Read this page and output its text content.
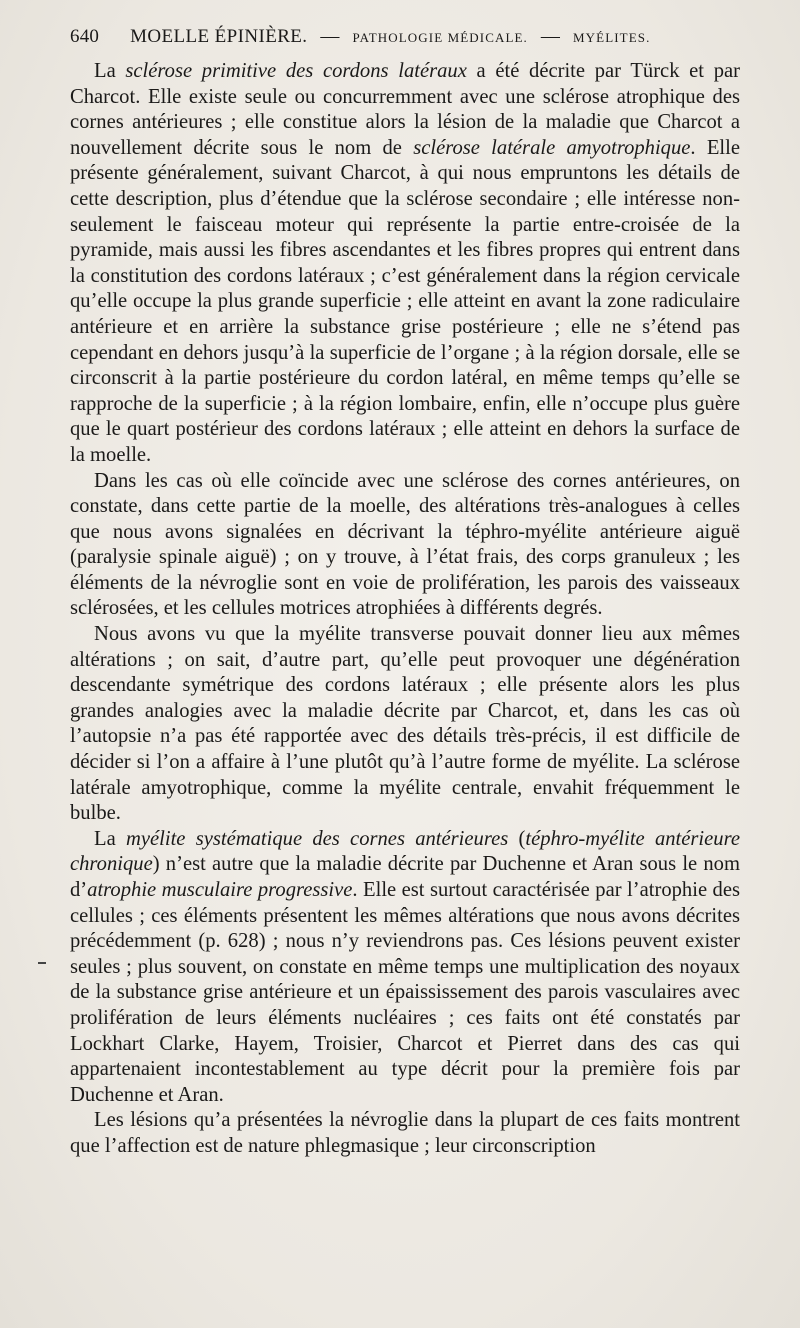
640 MOELLE ÉPINIÈRE. — PATHOLOGIE MÉDICALE. — MYÉLITES.

La sclérose primitive des cordons latéraux a été décrite par Türck et par Charcot. Elle existe seule ou concurremment avec une sclérose atrophique des cornes antérieures ; elle constitue alors la lésion de la maladie que Charcot a nouvellement décrite sous le nom de sclérose latérale amyotrophique. Elle présente généralement, suivant Charcot, à qui nous empruntons les détails de cette description, plus d’étendue que la sclérose secondaire ; elle intéresse non-seulement le faisceau moteur qui représente la partie entre-croisée de la pyramide, mais aussi les fibres ascendantes et les fibres propres qui entrent dans la constitution des cordons latéraux ; c’est généralement dans la région cervicale qu’elle occupe la plus grande superficie ; elle atteint en avant la zone radiculaire antérieure et en arrière la substance grise postérieure ; elle ne s’étend pas cependant en dehors jusqu’à la superficie de l’organe ; à la région dorsale, elle se circonscrit à la partie postérieure du cordon latéral, en même temps qu’elle se rapproche de la superficie ; à la région lombaire, enfin, elle n’occupe plus guère que le quart postérieur des cordons latéraux ; elle atteint en dehors la surface de la moelle.

Dans les cas où elle coïncide avec une sclérose des cornes antérieures, on constate, dans cette partie de la moelle, des altérations très-analogues à celles que nous avons signalées en décrivant la téphro-myélite antérieure aiguë (paralysie spinale aiguë) ; on y trouve, à l’état frais, des corps granuleux ; les éléments de la névroglie sont en voie de prolifération, les parois des vaisseaux sclérosées, et les cellules motrices atrophiées à différents degrés.

Nous avons vu que la myélite transverse pouvait donner lieu aux mêmes altérations ; on sait, d’autre part, qu’elle peut provoquer une dégénération descendante symétrique des cordons latéraux ; elle présente alors les plus grandes analogies avec la maladie décrite par Charcot, et, dans les cas où l’autopsie n’a pas été rapportée avec des détails très-précis, il est difficile de décider si l’on a affaire à l’une plutôt qu’à l’autre forme de myélite. La sclérose latérale amyotrophique, comme la myélite centrale, envahit fréquemment le bulbe.

La myélite systématique des cornes antérieures (téphro-myélite antérieure chronique) n’est autre que la maladie décrite par Duchenne et Aran sous le nom d’atrophie musculaire progressive. Elle est surtout caractérisée par l’atrophie des cellules ; ces éléments présentent les mêmes altérations que nous avons décrites précédemment (p. 628) ; nous n’y reviendrons pas. Ces lésions peuvent exister seules ; plus souvent, on constate en même temps une multiplication des noyaux de la substance grise antérieure et un épaississement des parois vasculaires avec prolifération de leurs éléments nucléaires ; ces faits ont été constatés par Lockhart Clarke, Hayem, Troisier, Charcot et Pierret dans des cas qui appartenaient incontestablement au type décrit pour la première fois par Duchenne et Aran.

Les lésions qu’a présentées la névroglie dans la plupart de ces faits montrent que l’affection est de nature phlegmasique ; leur circonscription
